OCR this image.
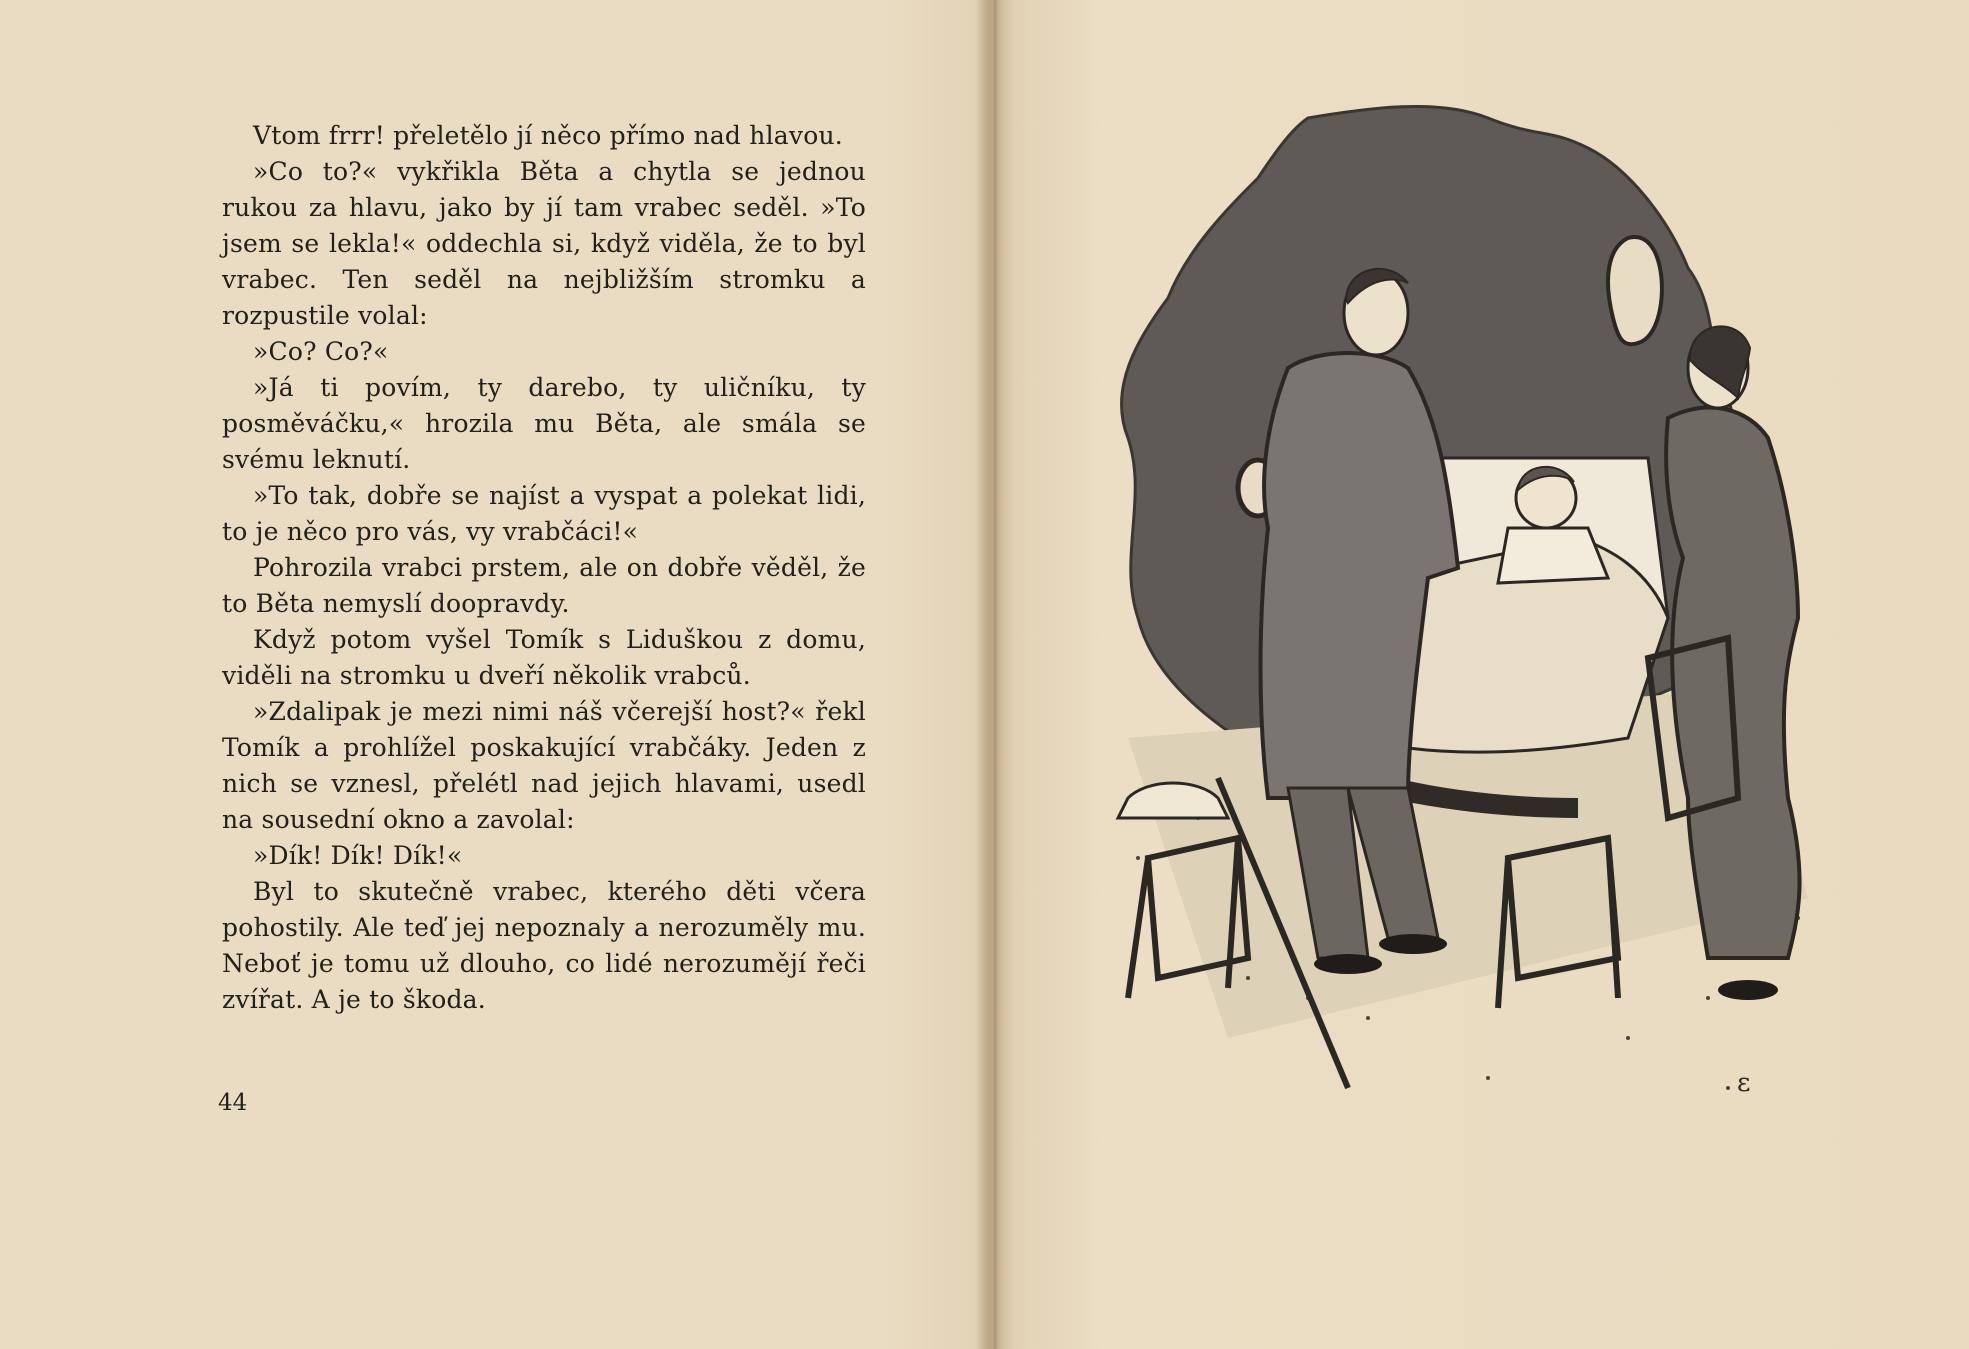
Vtom frrr! přeletělo jí něco přímo nad hlavou.

»Co to?« vykřikla Běta a chytla se jednou rukou za hlavu, jako by jí tam vrabec seděl. »To jsem se lekla!« oddechla si, když viděla, že to byl vrabec. Ten seděl na nejbližším stromku a rozpustile volal:

»Co? Co?«

»Já ti povím, ty darebo, ty uličníku, ty posměváčku,« hrozila mu Běta, ale smála se svému leknutí.

»To tak, dobře se najíst a vyspat a polekat lidi, to je něco pro vás, vy vrabčáci!«

Pohrozila vrabci prstem, ale on dobře věděl, že to Běta nemyslí doopravdy.

Když potom vyšel Tomík s Liduškou z domu, viděli na stromku u dveří několik vrabců.

»Zdalipak je mezi nimi náš včerejší host?« řekl Tomík a prohlížel poskakující vrabčáky. Jeden z nich se vznesl, přelétl nad jejich hlavami, usedl na sousední okno a zavolal:

»Dík! Dík! Dík!«

Byl to skutečně vrabec, kterého děti včera pohostily. Ale teď jej nepoznaly a nerozuměly mu. Neboť je tomu už dlouho, co lidé nerozumějí řeči zvířat. A je to škoda.

44
ε
